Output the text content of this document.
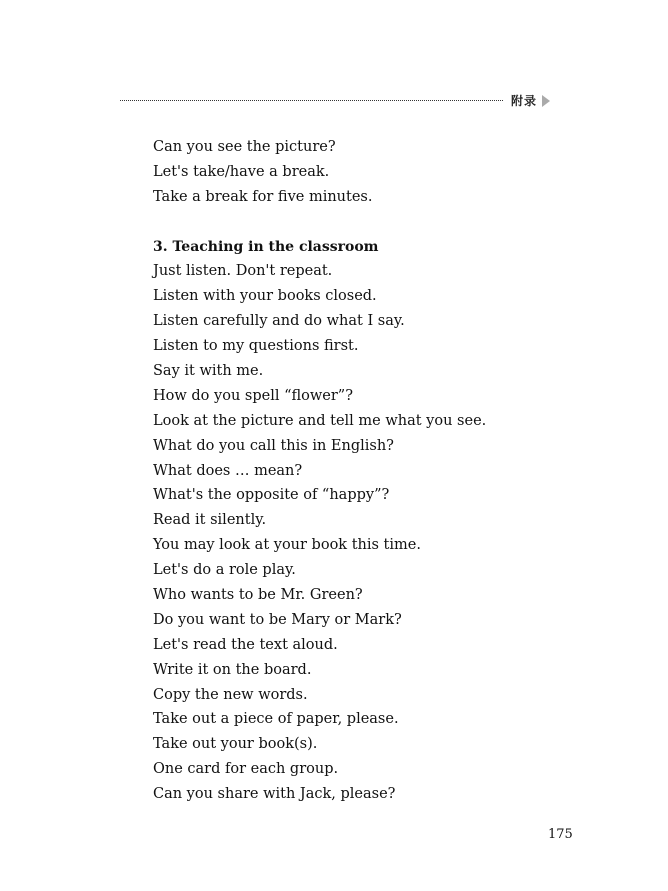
附录
Can you see the picture?
Let's take/have a break.
Take a break for five minutes.
3. Teaching in the classroom
Just listen. Don't repeat.
Listen with your books closed.
Listen carefully and do what I say.
Listen to my questions first.
Say it with me.
How do you spell “flower”?
Look at the picture and tell me what you see.
What do you call this in English?
What does … mean?
What's the opposite of “happy”?
Read it silently.
You may look at your book this time.
Let's do a role play.
Who wants to be Mr. Green?
Do you want to be Mary or Mark?
Let's read the text aloud.
Write it on the board.
Copy the new words.
Take out a piece of paper, please.
Take out your book(s).
One card for each group.
Can you share with Jack, please?
175
